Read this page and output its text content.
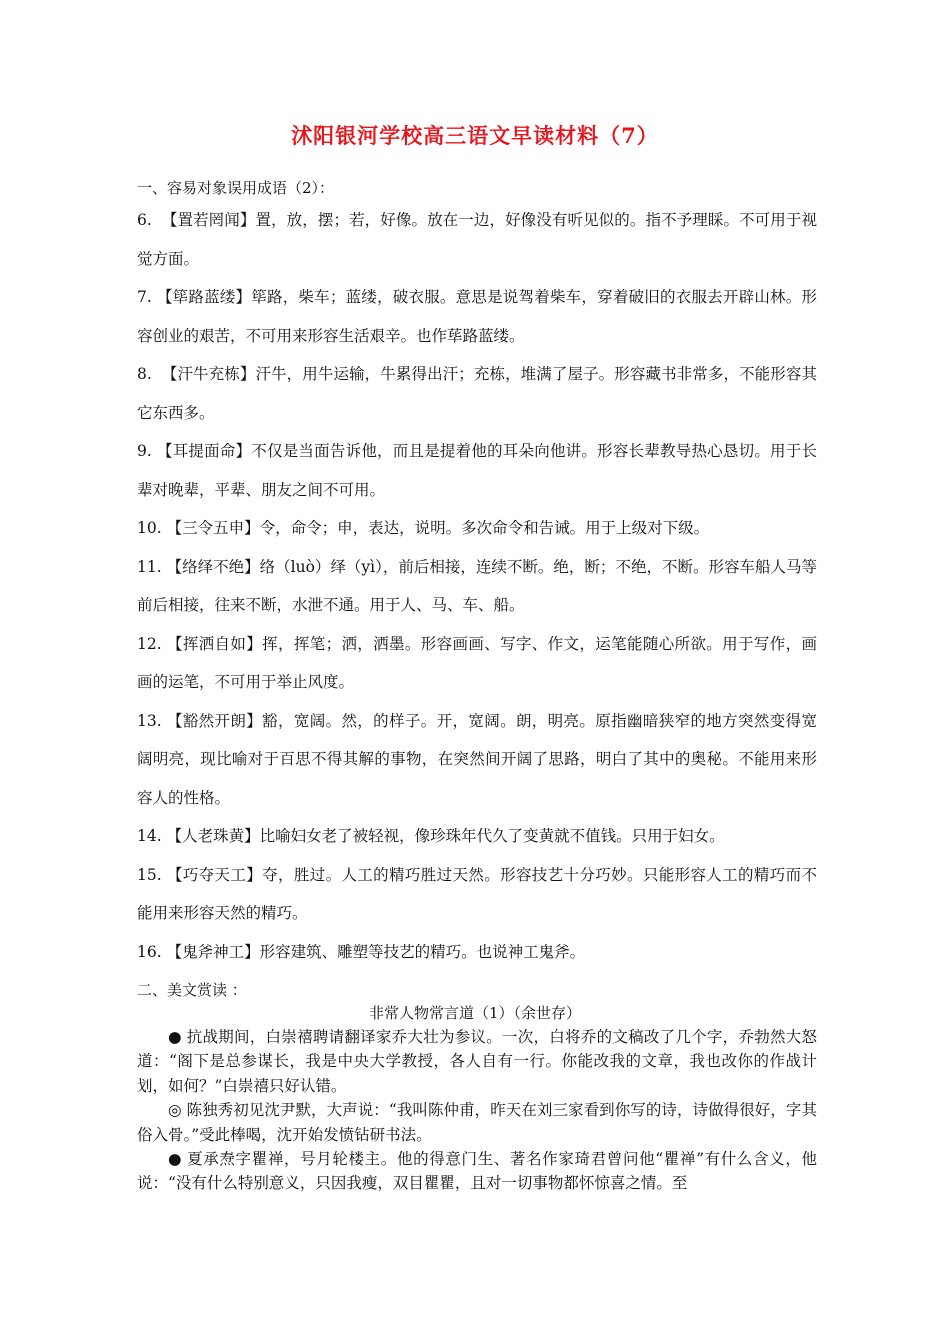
沭阳银河学校高三语文早读材料（7）
一、容易对象误用成语（2）：
6. 【置若罔闻】置，放，摆；若，好像。放在一边，好像没有听见似的。指不予理睬。不可用于视觉方面。
7. 【筚路蓝缕】筚路，柴车；蓝缕，破衣服。意思是说驾着柴车，穿着破旧的衣服去开辟山林。形容创业的艰苦，不可用来形容生活艰辛。也作荜路蓝缕。
8. 【汗牛充栋】汗牛，用牛运输，牛累得出汗；充栋，堆满了屋子。形容藏书非常多，不能形容其它东西多。
9. 【耳提面命】不仅是当面告诉他，而且是提着他的耳朵向他讲。形容长辈教导热心恳切。用于长辈对晚辈，平辈、朋友之间不可用。
10. 【三令五申】令，命令；申，表达，说明。多次命令和告诫。用于上级对下级。
11. 【络绎不绝】络（luò）绎（yì），前后相接，连续不断。绝，断；不绝，不断。形容车船人马等前后相接，往来不断，水泄不通。用于人、马、车、船。
12. 【挥洒自如】挥，挥笔；洒，洒墨。形容画画、写字、作文，运笔能随心所欲。用于写作，画画的运笔，不可用于举止风度。
13. 【豁然开朗】豁，宽阔。然，的样子。开，宽阔。朗，明亮。原指幽暗狭窄的地方突然变得宽阔明亮，现比喻对于百思不得其解的事物，在突然间开阔了思路，明白了其中的奥秘。不能用来形容人的性格。
14. 【人老珠黄】比喻妇女老了被轻视，像珍珠年代久了变黄就不值钱。只用于妇女。
15. 【巧夺天工】夺，胜过。人工的精巧胜过天然。形容技艺十分巧妙。只能形容人工的精巧而不能用来形容天然的精巧。
16. 【鬼斧神工】形容建筑、雕塑等技艺的精巧。也说神工鬼斧。
二、美文赏读 ：
非常人物常言道（1）（余世存）

● 抗战期间，白崇禧聘请翻译家乔大壮为参议。一次，白将乔的文稿改了几个字，乔勃然大怒道：“阁下是总参谋长，我是中央大学教授，各人自有一行。你能改我的文章，我也改你的作战计划，如何？”白崇禧只好认错。

◎ 陈独秀初见沈尹默，大声说：“我叫陈仲甫，昨天在刘三家看到你写的诗，诗做得很好，字其俗入骨。”受此棒喝，沈开始发愤钻研书法。

● 夏承焘字瞿禅，号月轮楼主。他的得意门生、著名作家琦君曾问他“瞿禅”有什么含义，他说：“没有什么特别意义，只因我瘦，双目瞿瞿，且对一切事物都怀惊喜之情。至
